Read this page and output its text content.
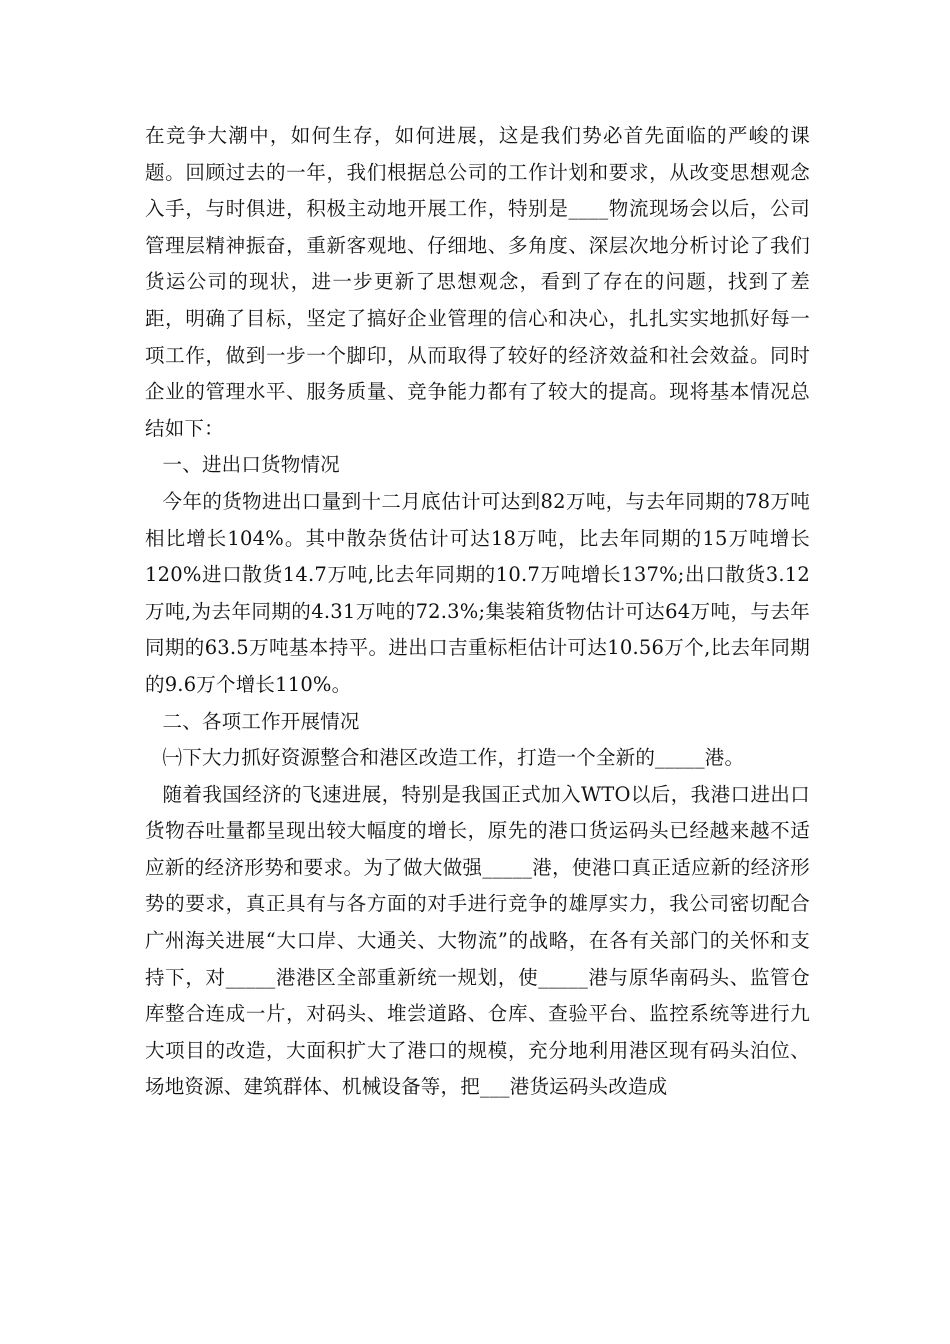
在竞争大潮中，如何生存，如何进展，这是我们势必首先面临的严峻的课题。回顾过去的一年，我们根据总公司的工作计划和要求，从改变思想观念入手，与时俱进，积极主动地开展工作，特别是____物流现场会以后，公司管理层精神振奋，重新客观地、仔细地、多角度、深层次地分析讨论了我们货运公司的现状，进一步更新了思想观念，看到了存在的问题，找到了差距，明确了目标，坚定了搞好企业管理的信心和决心，扎扎实实地抓好每一项工作，做到一步一个脚印，从而取得了较好的经济效益和社会效益。同时企业的管理水平、服务质量、竞争能力都有了较大的提高。现将基本情况总结如下：

一、进出口货物情况

今年的货物进出口量到十二月底估计可达到82万吨，与去年同期的78万吨相比增长104%。其中散杂货估计可达18万吨，比去年同期的15万吨增长120%进口散货14.7万吨,比去年同期的10.7万吨增长137%;出口散货3.12万吨,为去年同期的4.31万吨的72.3%;集装箱货物估计可达64万吨，与去年同期的63.5万吨基本持平。进出口吉重标柜估计可达10.56万个,比去年同期的9.6万个增长110%。

二、各项工作开展情况

㈠下大力抓好资源整合和港区改造工作，打造一个全新的_____港。

随着我国经济的飞速进展，特别是我国正式加入WTO以后，我港口进出口货物吞吐量都呈现出较大幅度的增长，原先的港口货运码头已经越来越不适应新的经济形势和要求。为了做大做强_____港，使港口真正适应新的经济形势的要求，真正具有与各方面的对手进行竞争的雄厚实力，我公司密切配合广州海关进展“大口岸、大通关、大物流”的战略，在各有关部门的关怀和支持下，对_____港港区全部重新统一规划，使_____港与原华南码头、监管仓库整合连成一片，对码头、堆尝道路、仓库、查验平台、监控系统等进行九大项目的改造，大面积扩大了港口的规模，充分地利用港区现有码头泊位、场地资源、建筑群体、机械设备等，把___港货运码头改造成
